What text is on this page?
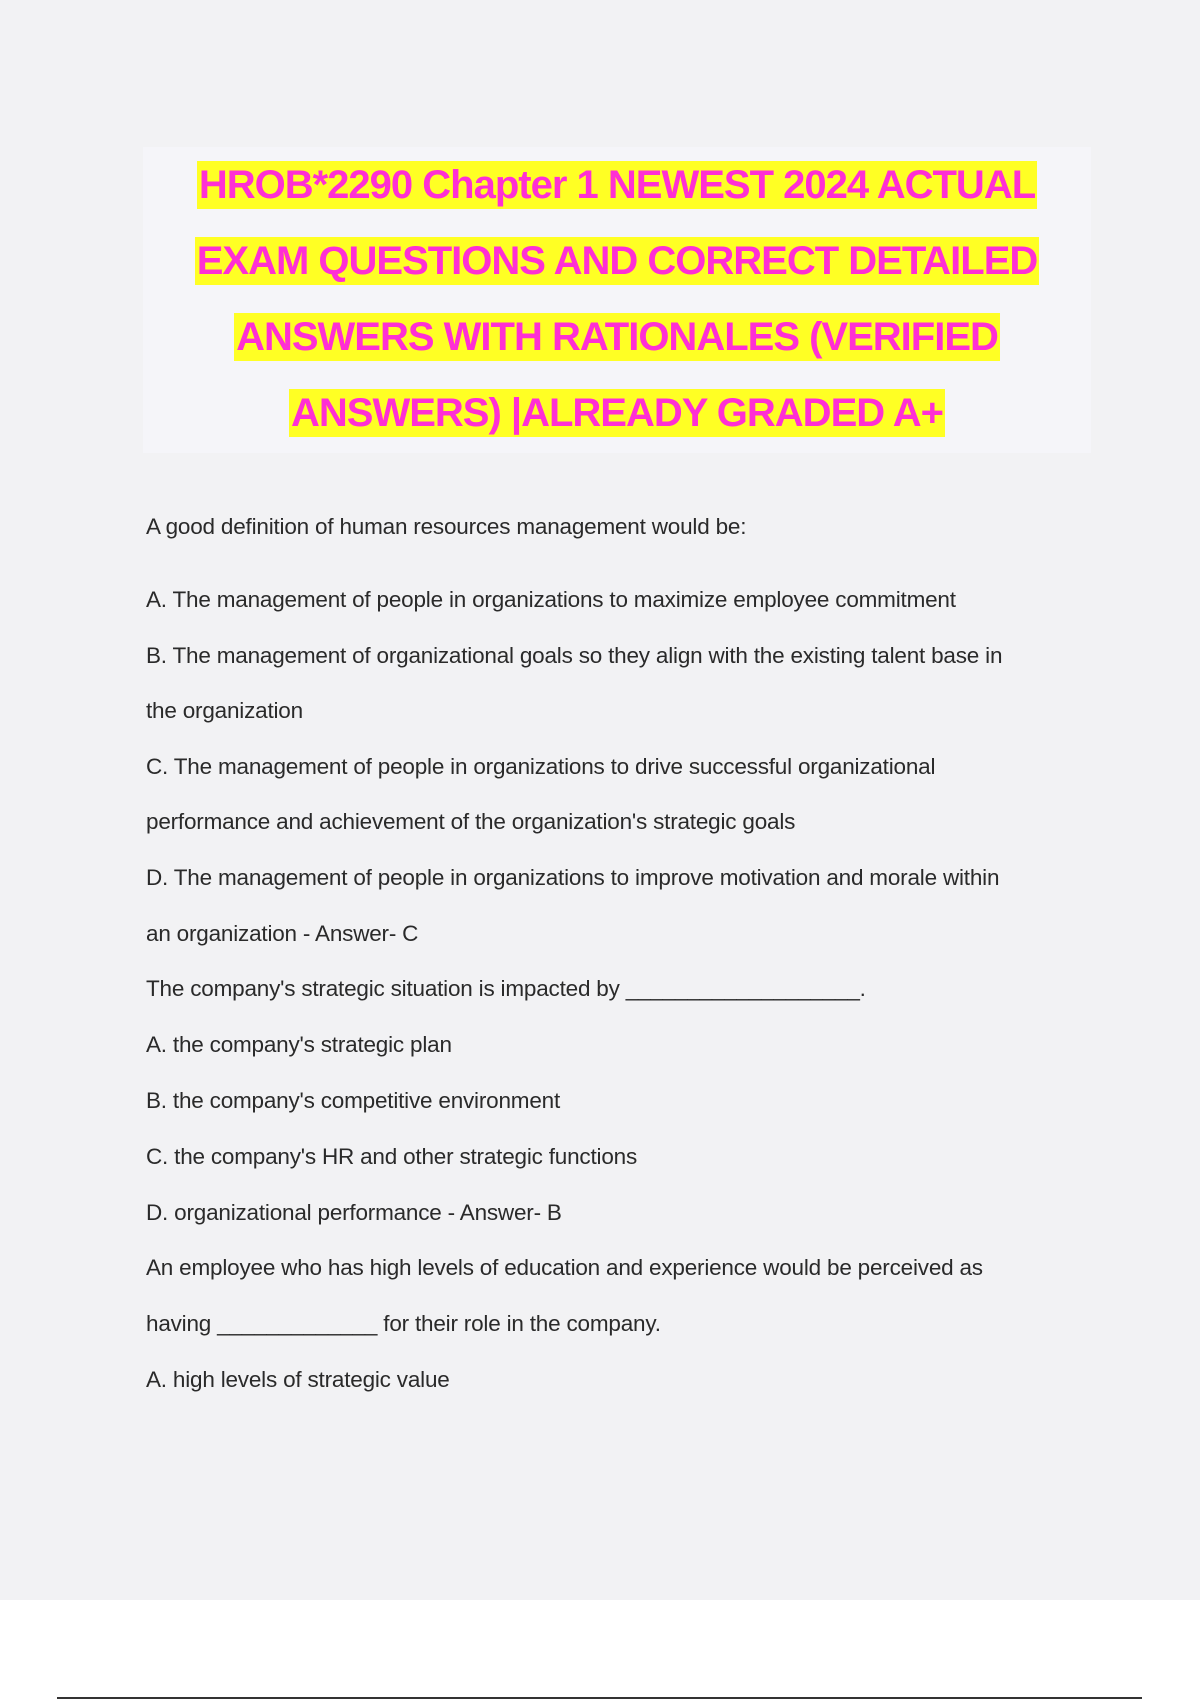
HROB*2290 Chapter 1 NEWEST 2024 ACTUAL
EXAM QUESTIONS AND CORRECT DETAILED
ANSWERS WITH RATIONALES (VERIFIED
ANSWERS) |ALREADY GRADED A+
A good definition of human resources management would be:
A. The management of people in organizations to maximize employee commitment
B. The management of organizational goals so they align with the existing talent base in
the organization
C. The management of people in organizations to drive successful organizational
performance and achievement of the organization's strategic goals
D. The management of people in organizations to improve motivation and morale within
an organization - Answer- C
The company's strategic situation is impacted by ___________________.
A. the company's strategic plan
B. the company's competitive environment
C. the company's HR and other strategic functions
D. organizational performance - Answer- B
An employee who has high levels of education and experience would be perceived as
having _____________ for their role in the company.
A. high levels of strategic value
